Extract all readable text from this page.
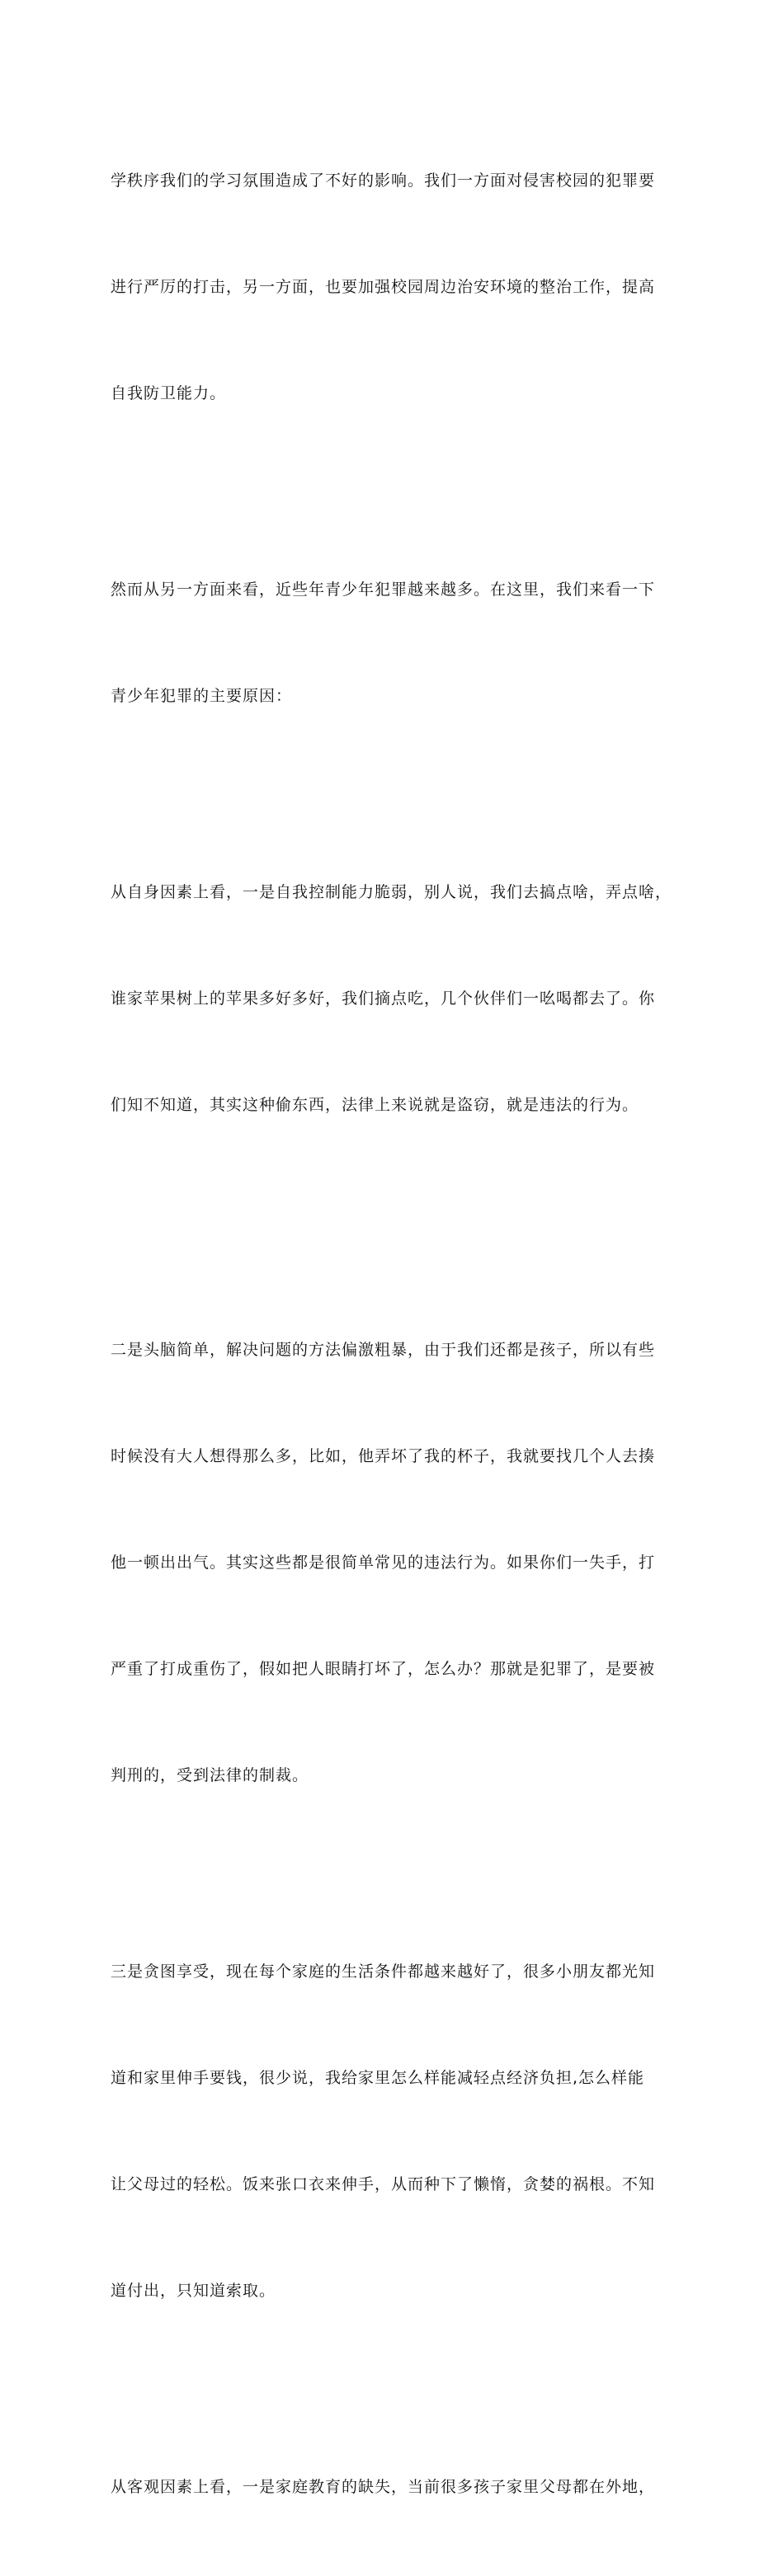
学秩序我们的学习氛围造成了不好的影响。我们一方面对侵害校园的犯罪要

进行严厉的打击，另一方面，也要加强校园周边治安环境的整治工作，提高

自我防卫能力。

然而从另一方面来看，近些年青少年犯罪越来越多。在这里，我们来看一下

青少年犯罪的主要原因：

从自身因素上看，一是自我控制能力脆弱，别人说，我们去搞点啥，弄点啥，

谁家苹果树上的苹果多好多好，我们摘点吃，几个伙伴们一吆喝都去了。你

们知不知道，其实这种偷东西，法律上来说就是盗窃，就是违法的行为。

二是头脑简单，解决问题的方法偏激粗暴，由于我们还都是孩子，所以有些

时候没有大人想得那么多，比如，他弄坏了我的杯子，我就要找几个人去揍

他一顿出出气。其实这些都是很简单常见的违法行为。如果你们一失手，打

严重了打成重伤了，假如把人眼睛打坏了，怎么办？那就是犯罪了，是要被

判刑的，受到法律的制裁。

三是贪图享受，现在每个家庭的生活条件都越来越好了，很多小朋友都光知

道和家里伸手要钱，很少说，我给家里怎么样能减轻点经济负担,怎么样能

让父母过的轻松。饭来张口衣来伸手，从而种下了懒惰，贪婪的祸根。不知

道付出，只知道索取。

从客观因素上看，一是家庭教育的缺失，当前很多孩子家里父母都在外地，
